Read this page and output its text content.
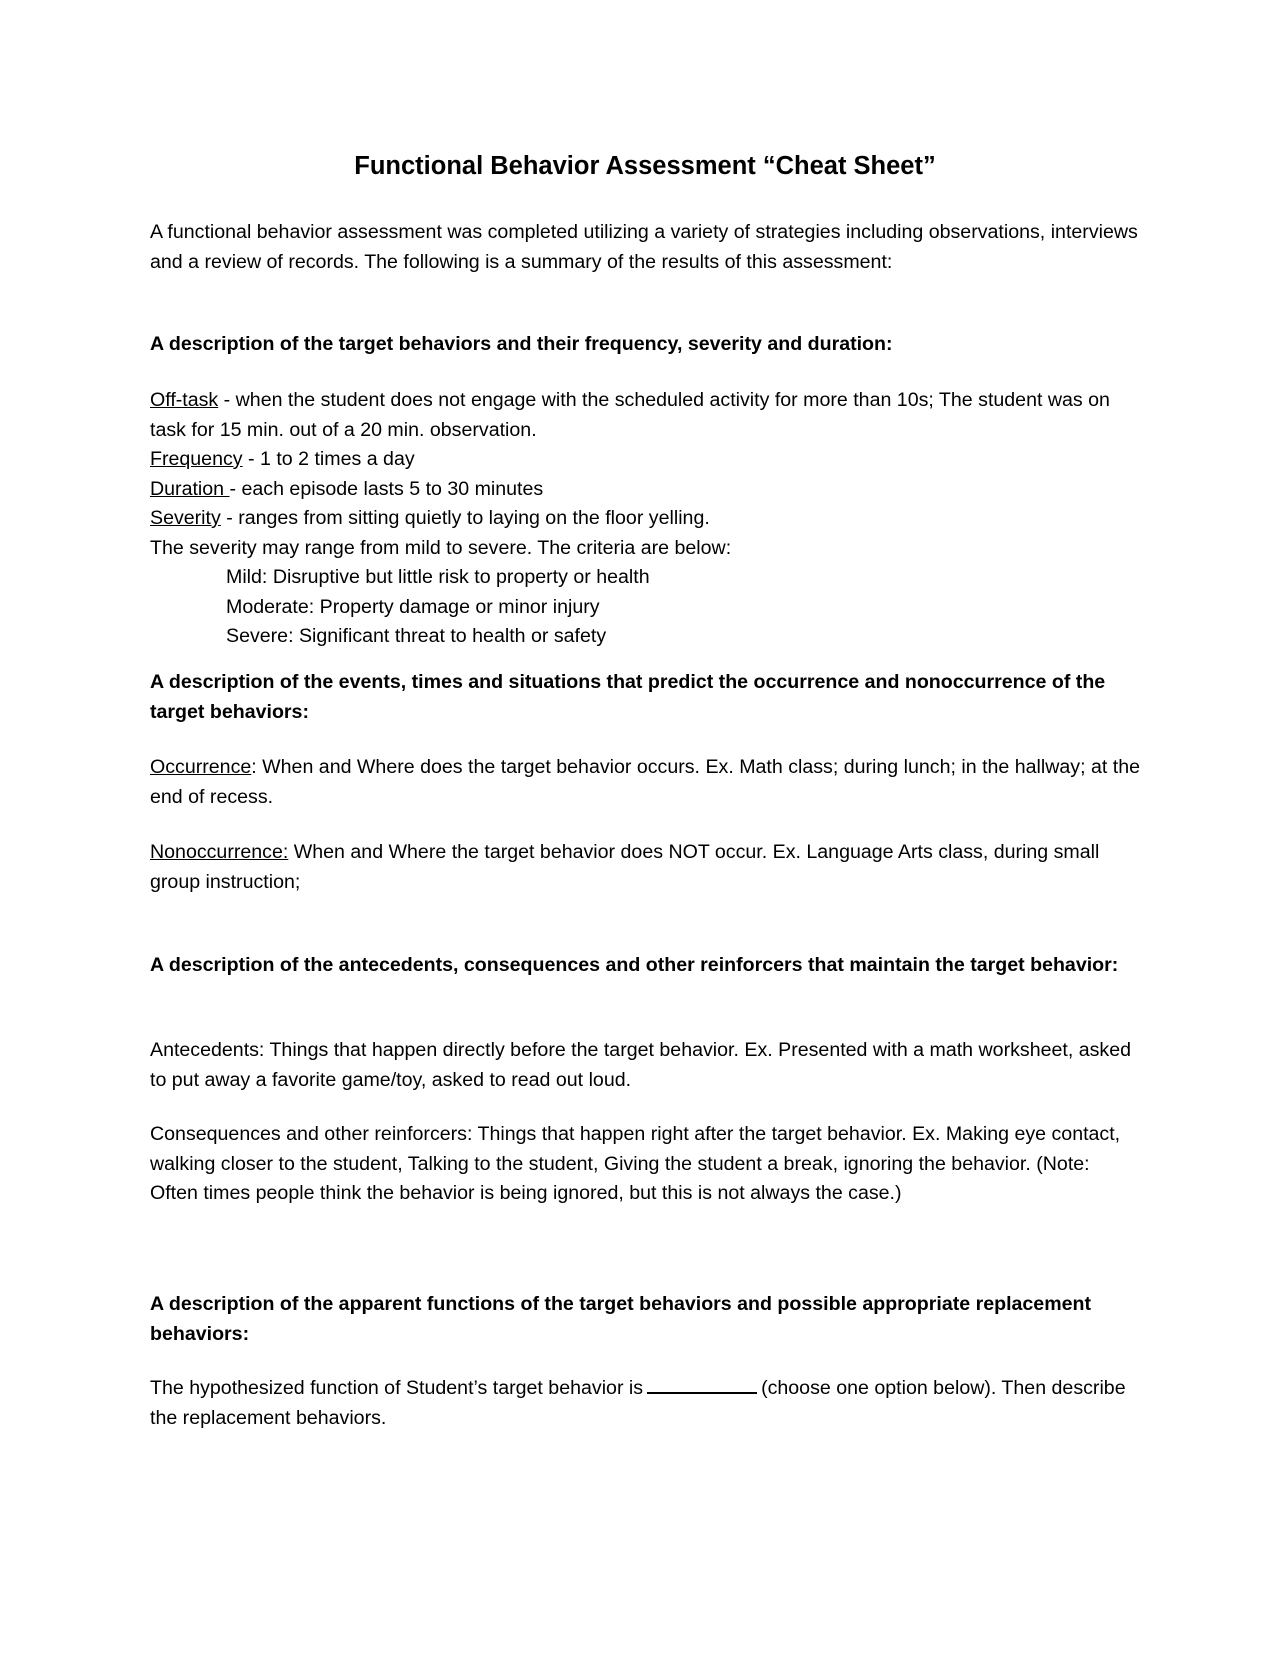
Functional Behavior Assessment “Cheat Sheet”

A functional behavior assessment was completed utilizing a variety of strategies including observations, interviews and a review of records. The following is a summary of the results of this assessment:

A description of the target behaviors and their frequency, severity and duration:

Off-task - when the student does not engage with the scheduled activity for more than 10s; The student was on task for 15 min. out of a 20 min. observation.

Frequency - 1 to 2 times a day

Duration - each episode lasts 5 to 30 minutes

Severity - ranges from sitting quietly to laying on the floor yelling.

The severity may range from mild to severe. The criteria are below:

Mild: Disruptive but little risk to property or health

Moderate: Property damage or minor injury

Severe: Significant threat to health or safety

A description of the events, times and situations that predict the occurrence and nonoccurrence of the target behaviors:

Occurrence: When and Where does the target behavior occurs. Ex. Math class; during lunch; in the hallway; at the end of recess.

Nonoccurrence: When and Where the target behavior does NOT occur. Ex. Language Arts class, during small group instruction;

A description of the antecedents, consequences and other reinforcers that maintain the target behavior:

Antecedents: Things that happen directly before the target behavior. Ex. Presented with a math worksheet, asked to put away a favorite game/toy, asked to read out loud.

Consequences and other reinforcers: Things that happen right after the target behavior. Ex. Making eye contact, walking closer to the student, Talking to the student, Giving the student a break, ignoring the behavior. (Note: Often times people think the behavior is being ignored, but this is not always the case.)

A description of the apparent functions of the target behaviors and possible appropriate replacement behaviors:

The hypothesized function of Student’s target behavior is	(choose one option below). Then describe the replacement behaviors.
